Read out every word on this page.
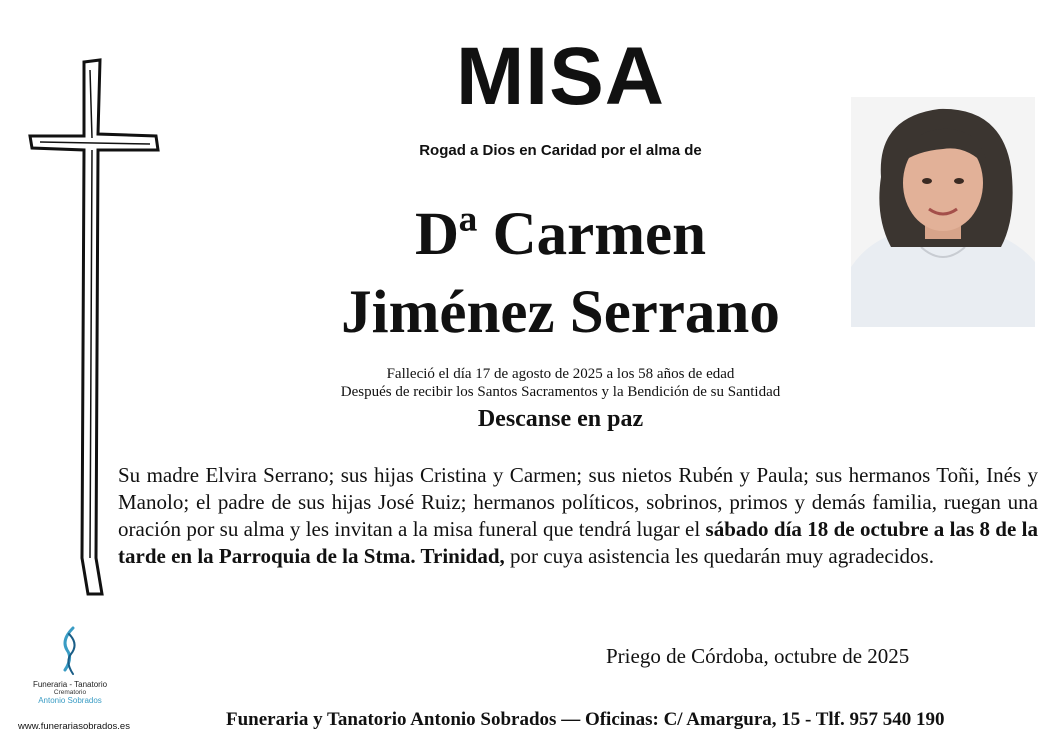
MISA
Rogad a Dios en Caridad por el alma de
Dª Carmen
Jiménez Serrano
Falleció el día 17 de agosto de 2025 a los 58 años de edad
Después de recibir los Santos Sacramentos y la Bendición de su Santidad
Descanse en paz
Su madre Elvira Serrano; sus hijas Cristina y Carmen; sus nietos Rubén y Paula; sus hermanos Toñi, Inés y Manolo; el padre de sus hijas José Ruiz; hermanos políticos, sobrinos, primos y demás familia, ruegan una oración por su alma y les invitan a la misa funeral que tendrá lugar el sábado día 18 de octubre a las 8 de la tarde en la Parroquia de la Stma. Trinidad, por cuya asistencia les quedarán muy agradecidos.
Priego de Córdoba, octubre de 2025
Funeraria - Tanatorio
Crematorio
Antonio Sobrados
www.funerariasobrados.es	Funeraria y Tanatorio Antonio Sobrados — Oficinas: C/ Amargura, 15 - Tlf. 957 540 190
